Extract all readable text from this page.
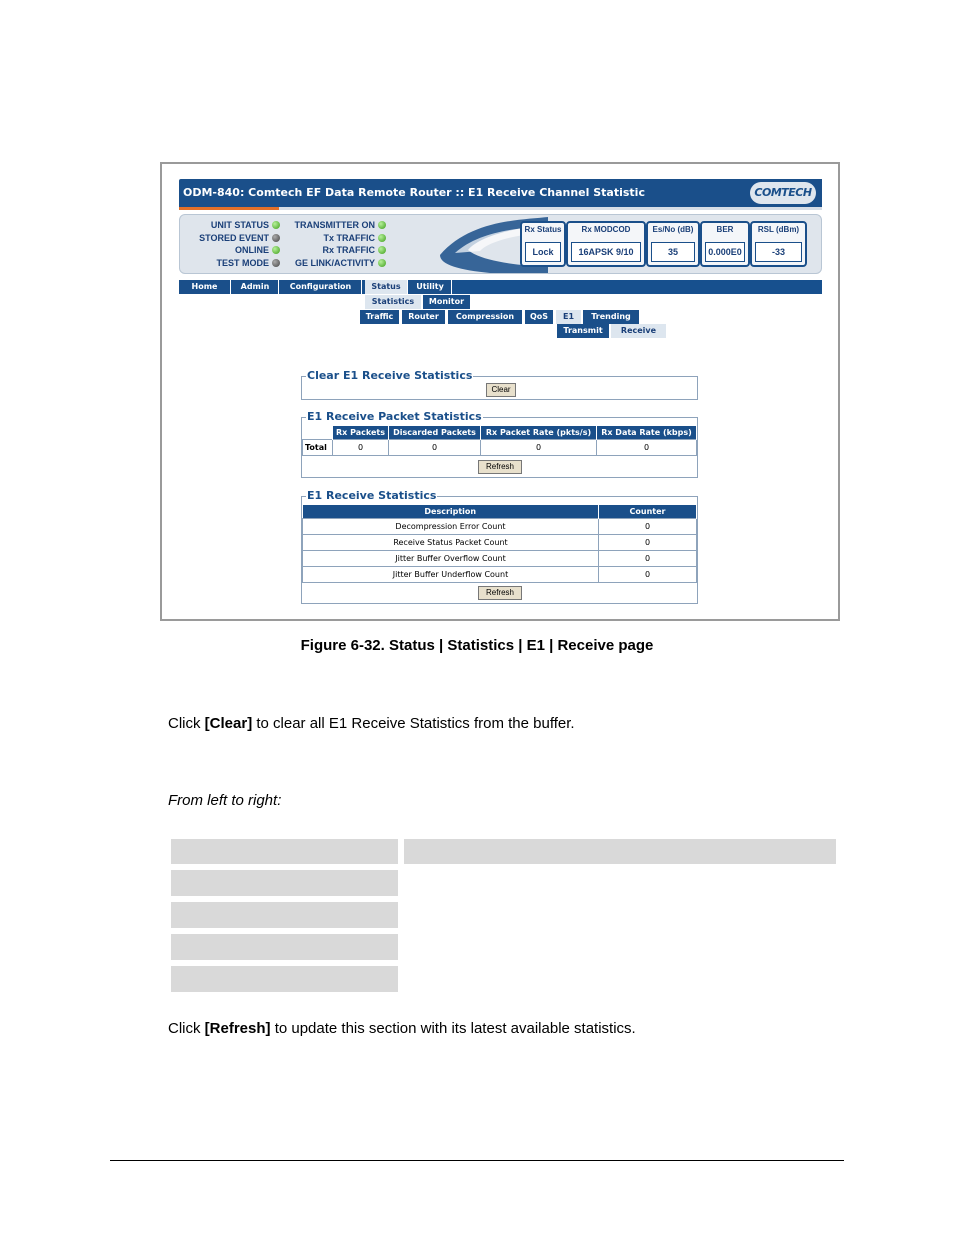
ODM-840: Comtech EF Data Remote Router :: E1 Receive Channel Statistic	COMTECH
UNIT STATUS
STORED EVENT
ONLINE
TEST MODE
TRANSMITTER ON
Tx TRAFFIC
Rx TRAFFIC
GE LINK/ACTIVITY
Rx Status
Lock
Rx MODCOD
16APSK 9/10
Es/No (dB)
35
BER
0.000E0
RSL (dBm)
-33
Home	Admin	Configuration	Status	Utility
Statistics	Monitor
Traffic	Router	Compression	QoS	E1	Trending
Transmit	Receive
Clear E1 Receive Statistics
Clear
E1 Receive Packet Statistics
	Rx Packets	Discarded Packets	Rx Packet Rate (pkts/s)	Rx Data Rate (kbps)
Total	0	0	0	0
Refresh
E1 Receive Statistics
Description	Counter
Decompression Error Count	0
Receive Status Packet Count	0
Jitter Buffer Overflow Count	0
Jitter Buffer Underflow Count	0
Refresh
Figure 6-32. Status | Statistics | E1 | Receive page
Click [Clear] to clear all E1 Receive Statistics from the buffer.
From left to right:
Click [Refresh] to update this section with its latest available statistics.
